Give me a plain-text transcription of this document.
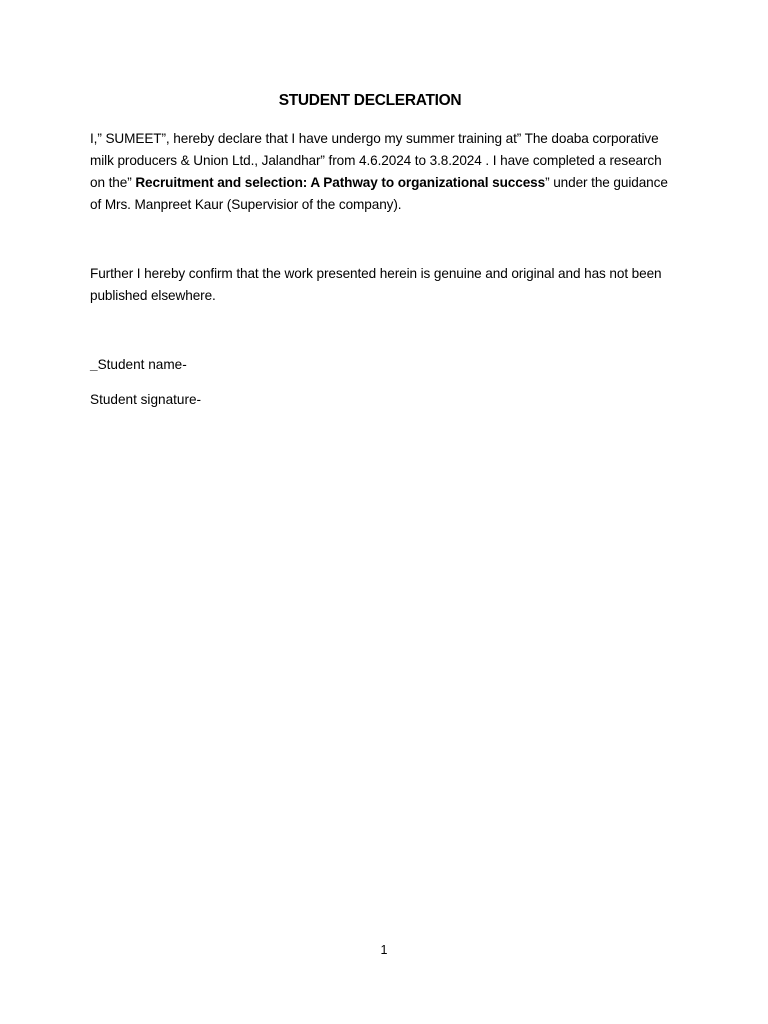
STUDENT DECLERATION

I,” SUMEET”, hereby declare that I have undergo my summer training at” The doaba corporative milk producers & Union Ltd., Jalandhar” from 4.6.2024 to 3.8.2024 . I have completed a research on the” Recruitment and selection: A Pathway to organizational success” under the guidance of Mrs. Manpreet Kaur (Supervisior of the company).

Further I hereby confirm that the work presented herein is genuine and original and has not been published elsewhere.

_Student name-

Student signature-

1
